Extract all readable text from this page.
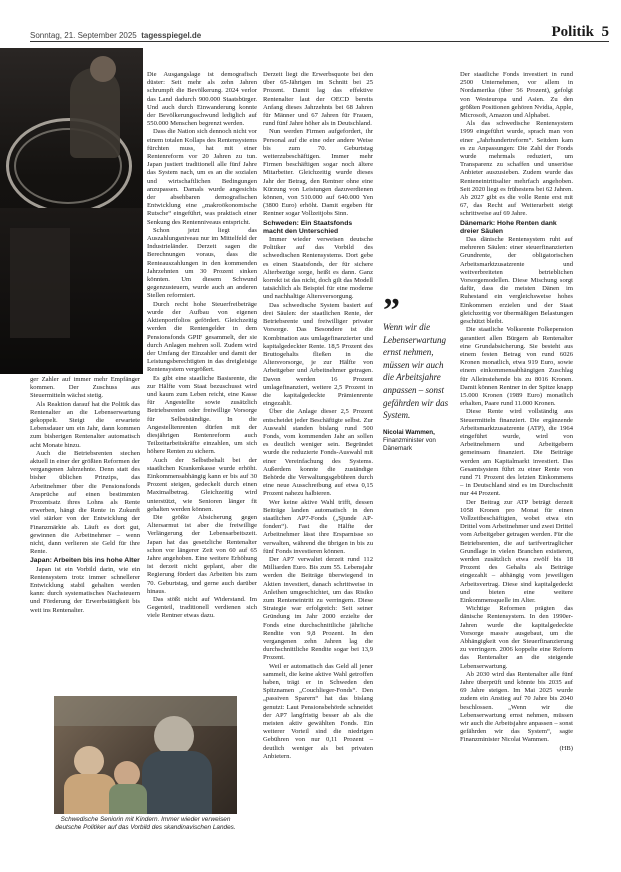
Sonntag, 21. September 2025 tagesspiegel.de	Politik 5

ger Zahler auf immer mehr Empfänger kommen. Der Zuschuss aus Steuermitteln wächst stetig.

Als Reaktion darauf hat die Politik das Rentenalter an die Lebenserwartung gekoppelt. Steigt die erwartete Lebensdauer um ein Jahr, dann kommen zum bisherigen Rentenalter automatisch acht Monate hinzu.

Auch die Betriebsrenten stechen aktuell in einer der größten Reformen der vergangenen Jahrzehnte. Denn statt des bisher üblichen Prinzips, das Arbeitnehmer über die Pensionsfonds Ansprüche auf einen bestimmten Prozentsatz ihres Lohns als Rente erwerben, hängt die Rente in Zukunft viel stärker von der Entwicklung der Finanzmärkte ab. Läuft es dort gut, gewinnen die Arbeitnehmer – wenn nicht, dann verlieren sie Geld für ihre Rente.

Japan: Arbeiten bis ins hohe Alter

Japan ist ein Vorbild darin, wie ein Rentensystem trotz immer schnellerer Entwicklung stabil gehalten werden kann: durch systematisches Nachsteuern und Förderung der Erwerbstätigkeit bis weit ins Rentenalter.

Die Ausgangslage ist demografisch düster: Seit mehr als zehn Jahren schrumpft die Bevölkerung. 2024 verlor das Land dadurch 900.000 Staatsbürger. Und auch durch Einwanderung konnte der Bevölkerungsschwund lediglich auf 550.000 Menschen begrenzt werden.

Dass die Nation sich dennoch nicht vor einem totalen Kollaps des Rentensystems fürchten muss, hat mit einer Rentenreform vor 20 Jahren zu tun. Japan justiert traditionell alle fünf Jahre das System nach, um es an die sozialen und wirtschaftlichen Bedingungen anzupassen. Damals wurde angesichts der absehbaren demografischen Entwicklung eine „makroökonomische Rutsche“ eingeführt, was praktisch einer Senkung des Rentenniveaus entspricht.

Schon jetzt liegt das Auszahlungsniveau nur im Mittelfeld der Industrieländer. Derzeit sagen die Berechnungen voraus, dass die Renteauszahlungen in den kommenden Jahrzehnten um 30 Prozent sinken könnten. Um diesem Schwund gegenzusteuern, wurde auch an anderen Stellen reformiert.

Durch recht hohe Steuerfreibeträge wurde der Aufbau von eigenen Aktienportfolios gefördert. Gleichzeitig werden die Rentengelder in dem Pensionsfonds GPIF gesammelt, der sie durch Anlagen mehren soll. Zudem wird der Umfang der Einzahler und damit der Leistungsberechtigten in das dreigleisige Rentensystem vergrößert.

Es gibt eine staatliche Basisrente, die zur Hälfte vom Staat bezuschusst wird und kaum zum Leben reicht, eine Kasse für Angestellte sowie zusätzlich Betriebsrenten oder freiwillige Vorsorge für Selbstständige. In die Angestelltenrenten dürfen mit der diesjährigen Rentenreform auch Teilzeitarbeitskräfte einzahlen, um sich höhere Renten zu sichern.

Auch der Selbstbehalt bei der staatlichen Krankenkasse wurde erhöht. Einkommensabhängig kann er bis auf 30 Prozent steigen, gedeckelt durch einen Maximalbetrag. Gleichzeitig wird unterstützt, wie Senioren länger fit gehalten werden können.

Die größte Absicherung gegen Altersarmut ist aber die freiwillige Verlängerung der Lebensarbeitszeit. Japan hat das gesetzliche Rentenalter schon vor längerer Zeit von 60 auf 65 Jahre angehoben. Eine weitere Erhöhung ist derzeit nicht geplant, aber die Regierung fördert das Arbeiten bis zum 70. Geburtstag, und gerne auch darüber hinaus.

Das stößt nicht auf Widerstand. Im Gegenteil, traditionell verdienen sich viele Rentner etwas dazu.

Derzeit liegt die Erwerbsquote bei den über 65-Jährigen im Schnitt bei 25 Prozent. Damit lag das effektive Rentenalter laut der OECD bereits Anfang dieses Jahrzehnts bei 68 Jahren für Männer und 67 Jahren für Frauen, rund fünf Jahre höher als in Deutschland.

Nun werden Firmen aufgefordert, ihr Personal auf die eine oder andere Weise bis zum 70. Geburtstag weiterzubeschäftigen. Immer mehr Firmen beschäftigen sogar noch ältere Mitarbeiter. Gleichzeitig wurde dieses Jahr der Betrag, den Rentner ohne eine Kürzung von Leistungen dazuverdienen können, von 510.000 auf 640.000 Yen (3800 Euro) erhöht. Damit ergeben für Rentner sogar Vollzeitjobs Sinn.

Schweden: Ein Staatsfonds macht den Unterschied

Immer wieder verweisen deutsche Politiker auf das Vorbild des schwedischen Rentensystems. Dort gebe es einen Staatsfonds, der für sichere Alterbezüge sorge, heißt es dann. Ganz korrekt ist das nicht, doch gilt das Modell tatsächlich als Beispiel für eine moderne und nachhaltige Altersversorgung.

Das schwedische System basiert auf drei Säulen: der staatlichen Rente, der Betriebsrente und freiwilliger privater Vorsorge. Das Besondere ist die Kombination aus umlagefinanzierter und kapitalgedeckter Rente. 18,5 Prozent des Bruttogehalts fließen in die Altersvorsorge, je zur Hälfte von Arbeitgeber und Arbeitnehmer getragen. Davon werden 16 Prozent umlagefinanziert, weitere 2,5 Prozent in die kapitalgedeckte Prämienrente eingezahlt.

Über die Anlage dieser 2,5 Prozent entscheidet jeder Beschäftigte selbst. Zur Auswahl standen bislang rund 500 Fonds, vom kommenden Jahr an sollen es deutlich weniger sein. Begründet wurde die reduzierte Fonds-Auswahl mit einer Vereinfachung des Systems. Außerdem konnte die zuständige Behörde die Verwaltungsgebühren durch eine neue Ausschreibung auf etwa 0,15 Prozent nahezu halbieren.

Wer keine aktive Wahl trifft, dessen Beiträge landen automatisch in den staatlichen AP7-Fonds („Sjunde AP-fonden“). Fast die Hälfte der Arbeitnehmer lässt ihre Ersparnisse so verwalten, während die übrigen in bis zu fünf Fonds investieren können.

Der AP7 verwaltet derzeit rund 112 Milliarden Euro. Bis zum 55. Lebensjahr werden die Beiträge überwiegend in Aktien investiert, danach schrittweise in Anleihen umgeschichtet, um das Risiko zum Renteneintritt zu verringern. Diese Strategie war erfolgreich: Seit seiner Gründung im Jahr 2000 erzielte der Fonds eine durchschnittliche jährliche Rendite von 9,8 Prozent. In den vergangenen zehn Jahren lag die durchschnittliche Rendite sogar bei 13,9 Prozent.

Weil er automatisch das Geld all jener sammelt, die keine aktive Wahl getroffen haben, trägt er in Schweden den Spitznamen „Couchlieger-Fonds“. Den „passiven Sparern“ hat das bislang genutzt: Laut Pensionsbehörde schneidet der AP7 langfristig besser ab als die meisten aktiv gewählten Fonds. Ein weiterer Vorteil sind die niedrigen Gebühren von nur 0,11 Prozent – deutlich weniger als bei privaten Anbietern.

Der staatliche Fonds investiert in rund 2500 Unternehmen, vor allem in Nordamerika (über 56 Prozent), gefolgt von Westeuropa und Asien. Zu den größten Positionen gehören Nvidia, Apple, Microsoft, Amazon und Alphabet.

Als das schwedische Rentensystem 1999 eingeführt wurde, sprach man von einer „Jahrhundertreform“. Seitdem kam es zu Anpassungen: Die Zahl der Fonds wurde mehrmals reduziert, um Transparenz zu schaffen und unseriöse Anbieter auszusieben. Zudem wurde das Renteneintrittsalter mehrfach angehoben. Seit 2020 liegt es frühestens bei 62 Jahren. Ab 2027 gibt es die volle Rente erst mit 67, das Recht auf Weiterarbeit steigt schrittweise auf 69 Jahre.

Dänemark: Hohe Renten dank dreier Säulen

Das dänische Rentensystem ruht auf mehreren Säulen: einer steuerfinanzierten Grundrente, der obligatorischen Arbeitsmarktzusatzrente und weitverbreiteten betrieblichen Vorsorgemodellen. Diese Mischung sorgt dafür, dass die meisten Dänen im Ruhestand ein vergleichsweise hohes Einkommen erzielen und der Staat gleichzeitig vor übermäßigen Belastungen geschützt bleibt.

Die staatliche Volksrente Folkepension garantiert allen Bürgern ab Rentenalter eine Grundabsicherung. Sie besteht aus einem festen Betrag von rund 6026 Kronen monatlich, etwa 919 Euro, sowie einem einkommensabhängigen Zuschlag für Alleinstehende bis zu 8016 Kronen. Damit können Rentner in der Spitze knapp 15.000 Kronen (1989 Euro) monatlich erhalten, Paare rund 11.000 Kronen.

Diese Rente wird vollständig aus Steuermitteln finanziert. Die ergänzende Arbeitsmarktzusatzrente (ATP), die 1964 eingeführt wurde, wird von Arbeitnehmern und Arbeitgebern gemeinsam finanziert. Die Beiträge werden am Kapitalmarkt investiert. Das Gesamtsystem führt zu einer Rente von rund 71 Prozent des letzten Einkommens – in Deutschland sind es im Durchschnitt nur 44 Prozent.

Der Beitrag zur ATP beträgt derzeit 1058 Kronen pro Monat für einen Vollzeitbeschäftigten, wobei etwa ein Drittel vom Arbeitnehmer und zwei Drittel vom Arbeitgeber getragen werden. Für die Betriebsrenten, die auf tarifvertraglicher Grundlage in vielen Branchen existieren, werden zusätzlich etwa zwölf bis 18 Prozent des Gehalts als Beiträge eingezahlt – abhängig vom jeweiligen Arbeitsvertrag. Diese sind kapitalgedeckt und bieten eine weitere Einkommensquelle im Alter.

Wichtige Reformen prägten das dänische Rentensystem. In den 1990er-Jahren wurde die kapitalgedeckte Vorsorge massiv ausgebaut, um die Abhängigkeit von der Steuerfinanzierung zu verringern. 2006 koppelte eine Reform das Rentenalter an die steigende Lebenserwartung.

Ab 2030 wird das Rentenalter alle fünf Jahre überprüft und könnte bis 2035 auf 69 Jahre steigen. Im Mai 2025 wurde zudem ein Anstieg auf 70 Jahre bis 2040 beschlossen. „Wenn wir die Lebenserwartung ernst nehmen, müssen wir auch die Arbeitsjahre anpassen – sonst gefährden wir das System“, sagte Finanzminister Nicolai Wammen.

(HB)

”
Wenn wir die Lebenserwartung ernst nehmen, müssen wir auch die Arbeitsjahre anpassen – sonst gefährden wir das System.
Nicolai Wammen,
Finanzminister von Dänemark
Schwedische Seniorin mit Kindern. Immer wieder verweisen deutsche Politiker auf das Vorbild des skandinavischen Landes.
